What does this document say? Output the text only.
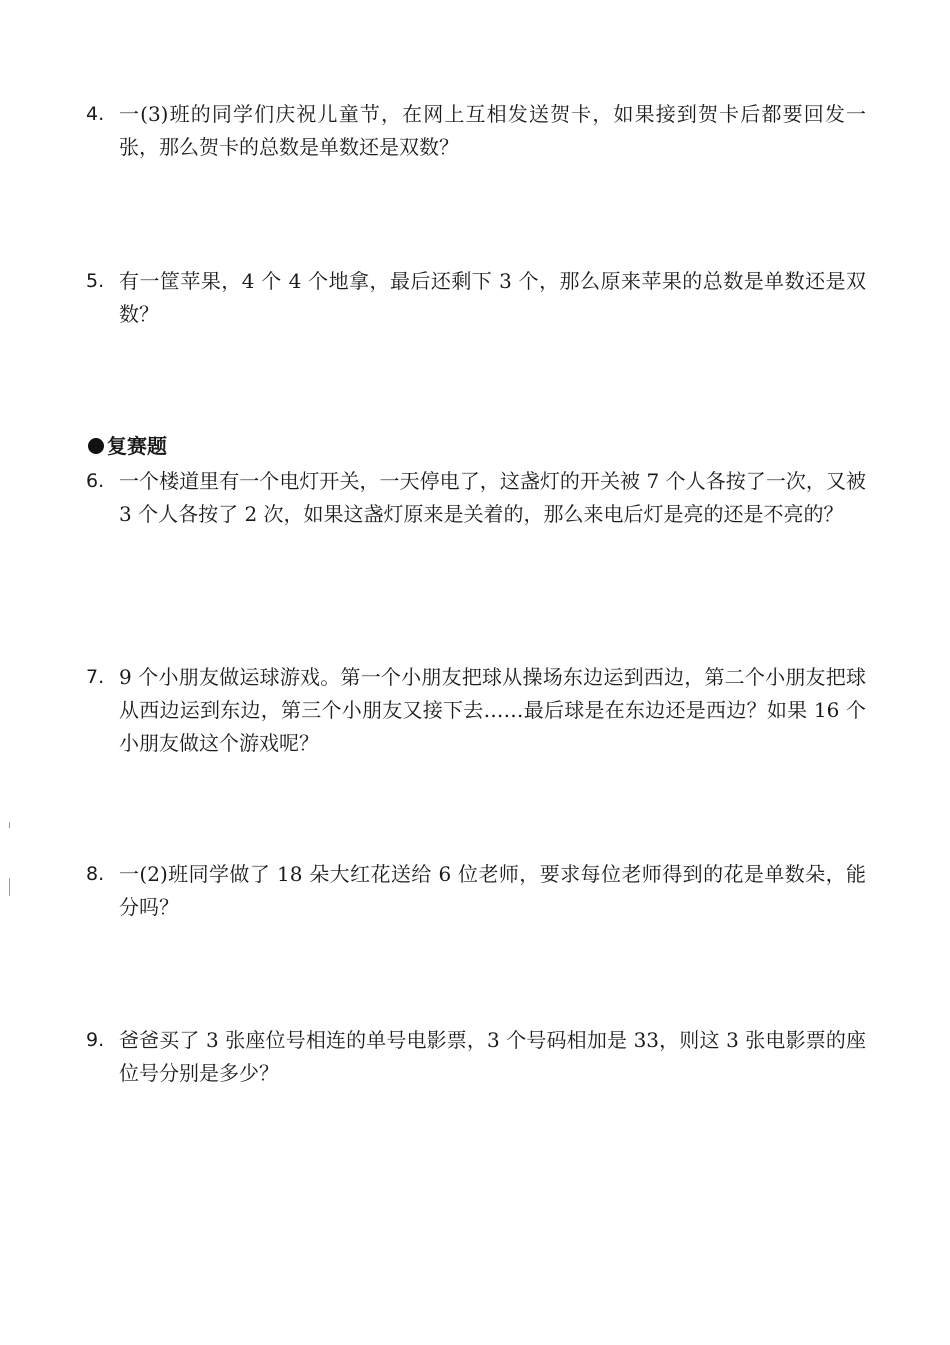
4. 一(3)班的同学们庆祝儿童节，在网上互相发送贺卡，如果接到贺卡后都要回发一张，那么贺卡的总数是单数还是双数？
5. 有一筐苹果，4 个 4 个地拿，最后还剩下 3 个，那么原来苹果的总数是单数还是双数？
复赛题
6. 一个楼道里有一个电灯开关，一天停电了，这盏灯的开关被 7 个人各按了一次，又被 3 个人各按了 2 次，如果这盏灯原来是关着的，那么来电后灯是亮的还是不亮的？
7. 9 个小朋友做运球游戏。第一个小朋友把球从操场东边运到西边，第二个小朋友把球从西边运到东边，第三个小朋友又接下去……最后球是在东边还是西边？如果 16 个小朋友做这个游戏呢？
8. 一(2)班同学做了 18 朵大红花送给 6 位老师，要求每位老师得到的花是单数朵，能分吗？
9. 爸爸买了 3 张座位号相连的单号电影票，3 个号码相加是 33，则这 3 张电影票的座位号分别是多少？
